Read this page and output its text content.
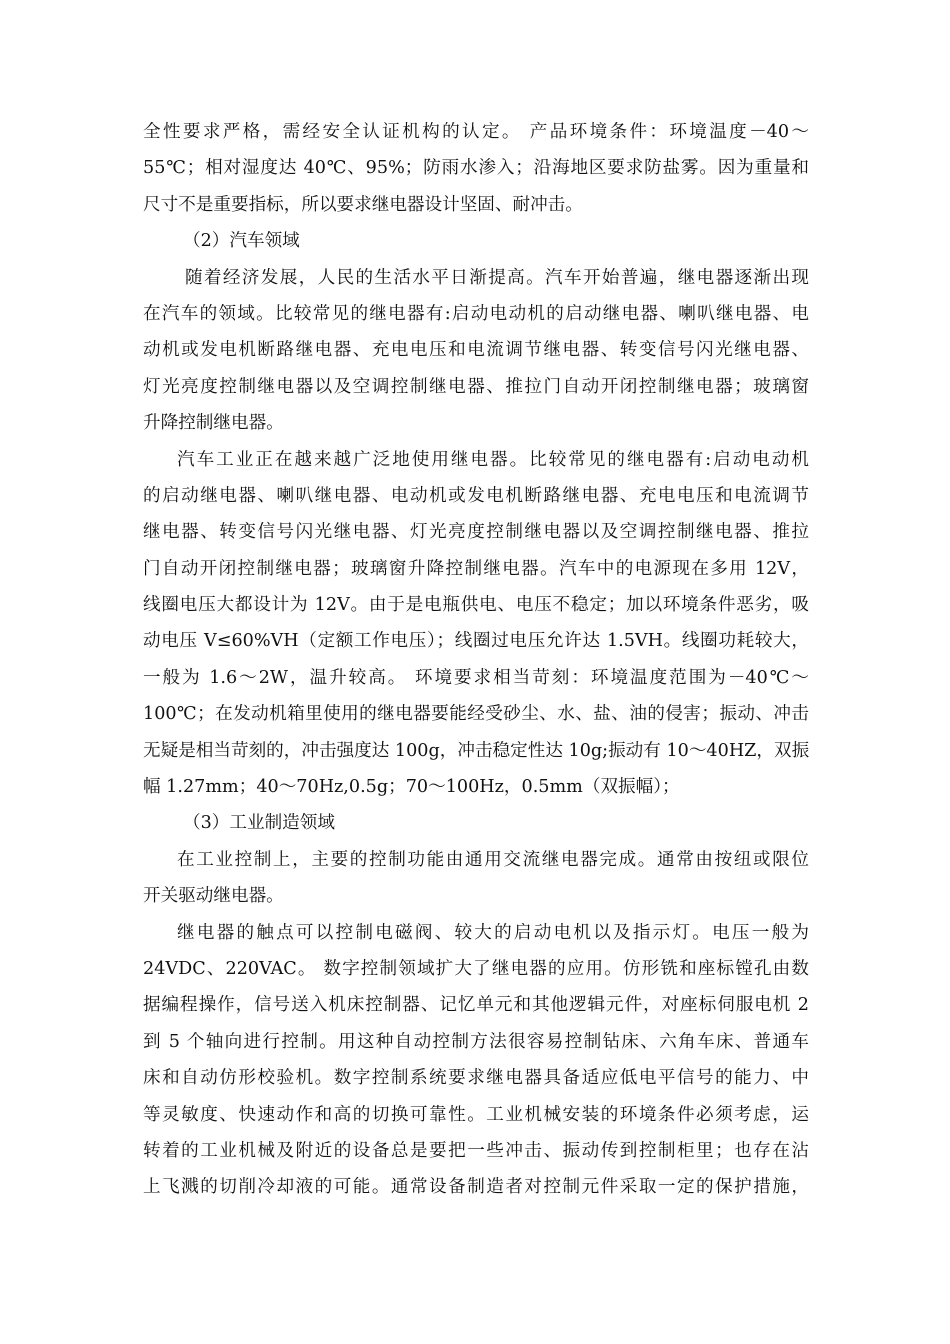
全性要求严格，需经安全认证机构的认定。 产品环境条件：环境温度－40～
55℃；相对湿度达 40℃、95%；防雨水渗入；沿海地区要求防盐雾。因为重量和
尺寸不是重要指标，所以要求继电器设计坚固、耐冲击。
（2）汽车领域
随着经济发展，人民的生活水平日渐提高。汽车开始普遍，继电器逐渐出现
在汽车的领域。比较常见的继电器有:启动电动机的启动继电器、喇叭继电器、电
动机或发电机断路继电器、充电电压和电流调节继电器、转变信号闪光继电器、
灯光亮度控制继电器以及空调控制继电器、推拉门自动开闭控制继电器；玻璃窗
升降控制继电器。
汽车工业正在越来越广泛地使用继电器。比较常见的继电器有:启动电动机
的启动继电器、喇叭继电器、电动机或发电机断路继电器、充电电压和电流调节
继电器、转变信号闪光继电器、灯光亮度控制继电器以及空调控制继电器、推拉
门自动开闭控制继电器；玻璃窗升降控制继电器。汽车中的电源现在多用 12V，
线圈电压大都设计为 12V。由于是电瓶供电、电压不稳定；加以环境条件恶劣，吸
动电压 V≤60%VH（定额工作电压）；线圈过电压允许达 1.5VH。线圈功耗较大，
一般为 1.6～2W，温升较高。 环境要求相当苛刻：环境温度范围为－40℃～
100℃；在发动机箱里使用的继电器要能经受砂尘、水、盐、油的侵害；振动、冲击
无疑是相当苛刻的，冲击强度达 100g，冲击稳定性达 10g;振动有 10～40HZ，双振
幅 1.27mm；40～70Hz,0.5g；70～100Hz，0.5mm（双振幅）；
（3）工业制造领域
在工业控制上，主要的控制功能由通用交流继电器完成。通常由按纽或限位
开关驱动继电器。
继电器的触点可以控制电磁阀、较大的启动电机以及指示灯。电压一般为
24VDC、220VAC。 数字控制领域扩大了继电器的应用。仿形铣和座标镗孔由数
据编程操作，信号送入机床控制器、记忆单元和其他逻辑元件，对座标伺服电机 2
到 5 个轴向进行控制。用这种自动控制方法很容易控制钻床、六角车床、普通车
床和自动仿形校验机。数字控制系统要求继电器具备适应低电平信号的能力、中
等灵敏度、快速动作和高的切换可靠性。工业机械安装的环境条件必须考虑，运
转着的工业机械及附近的设备总是要把一些冲击、振动传到控制柜里；也存在沾
上飞溅的切削冷却液的可能。通常设备制造者对控制元件采取一定的保护措施，
